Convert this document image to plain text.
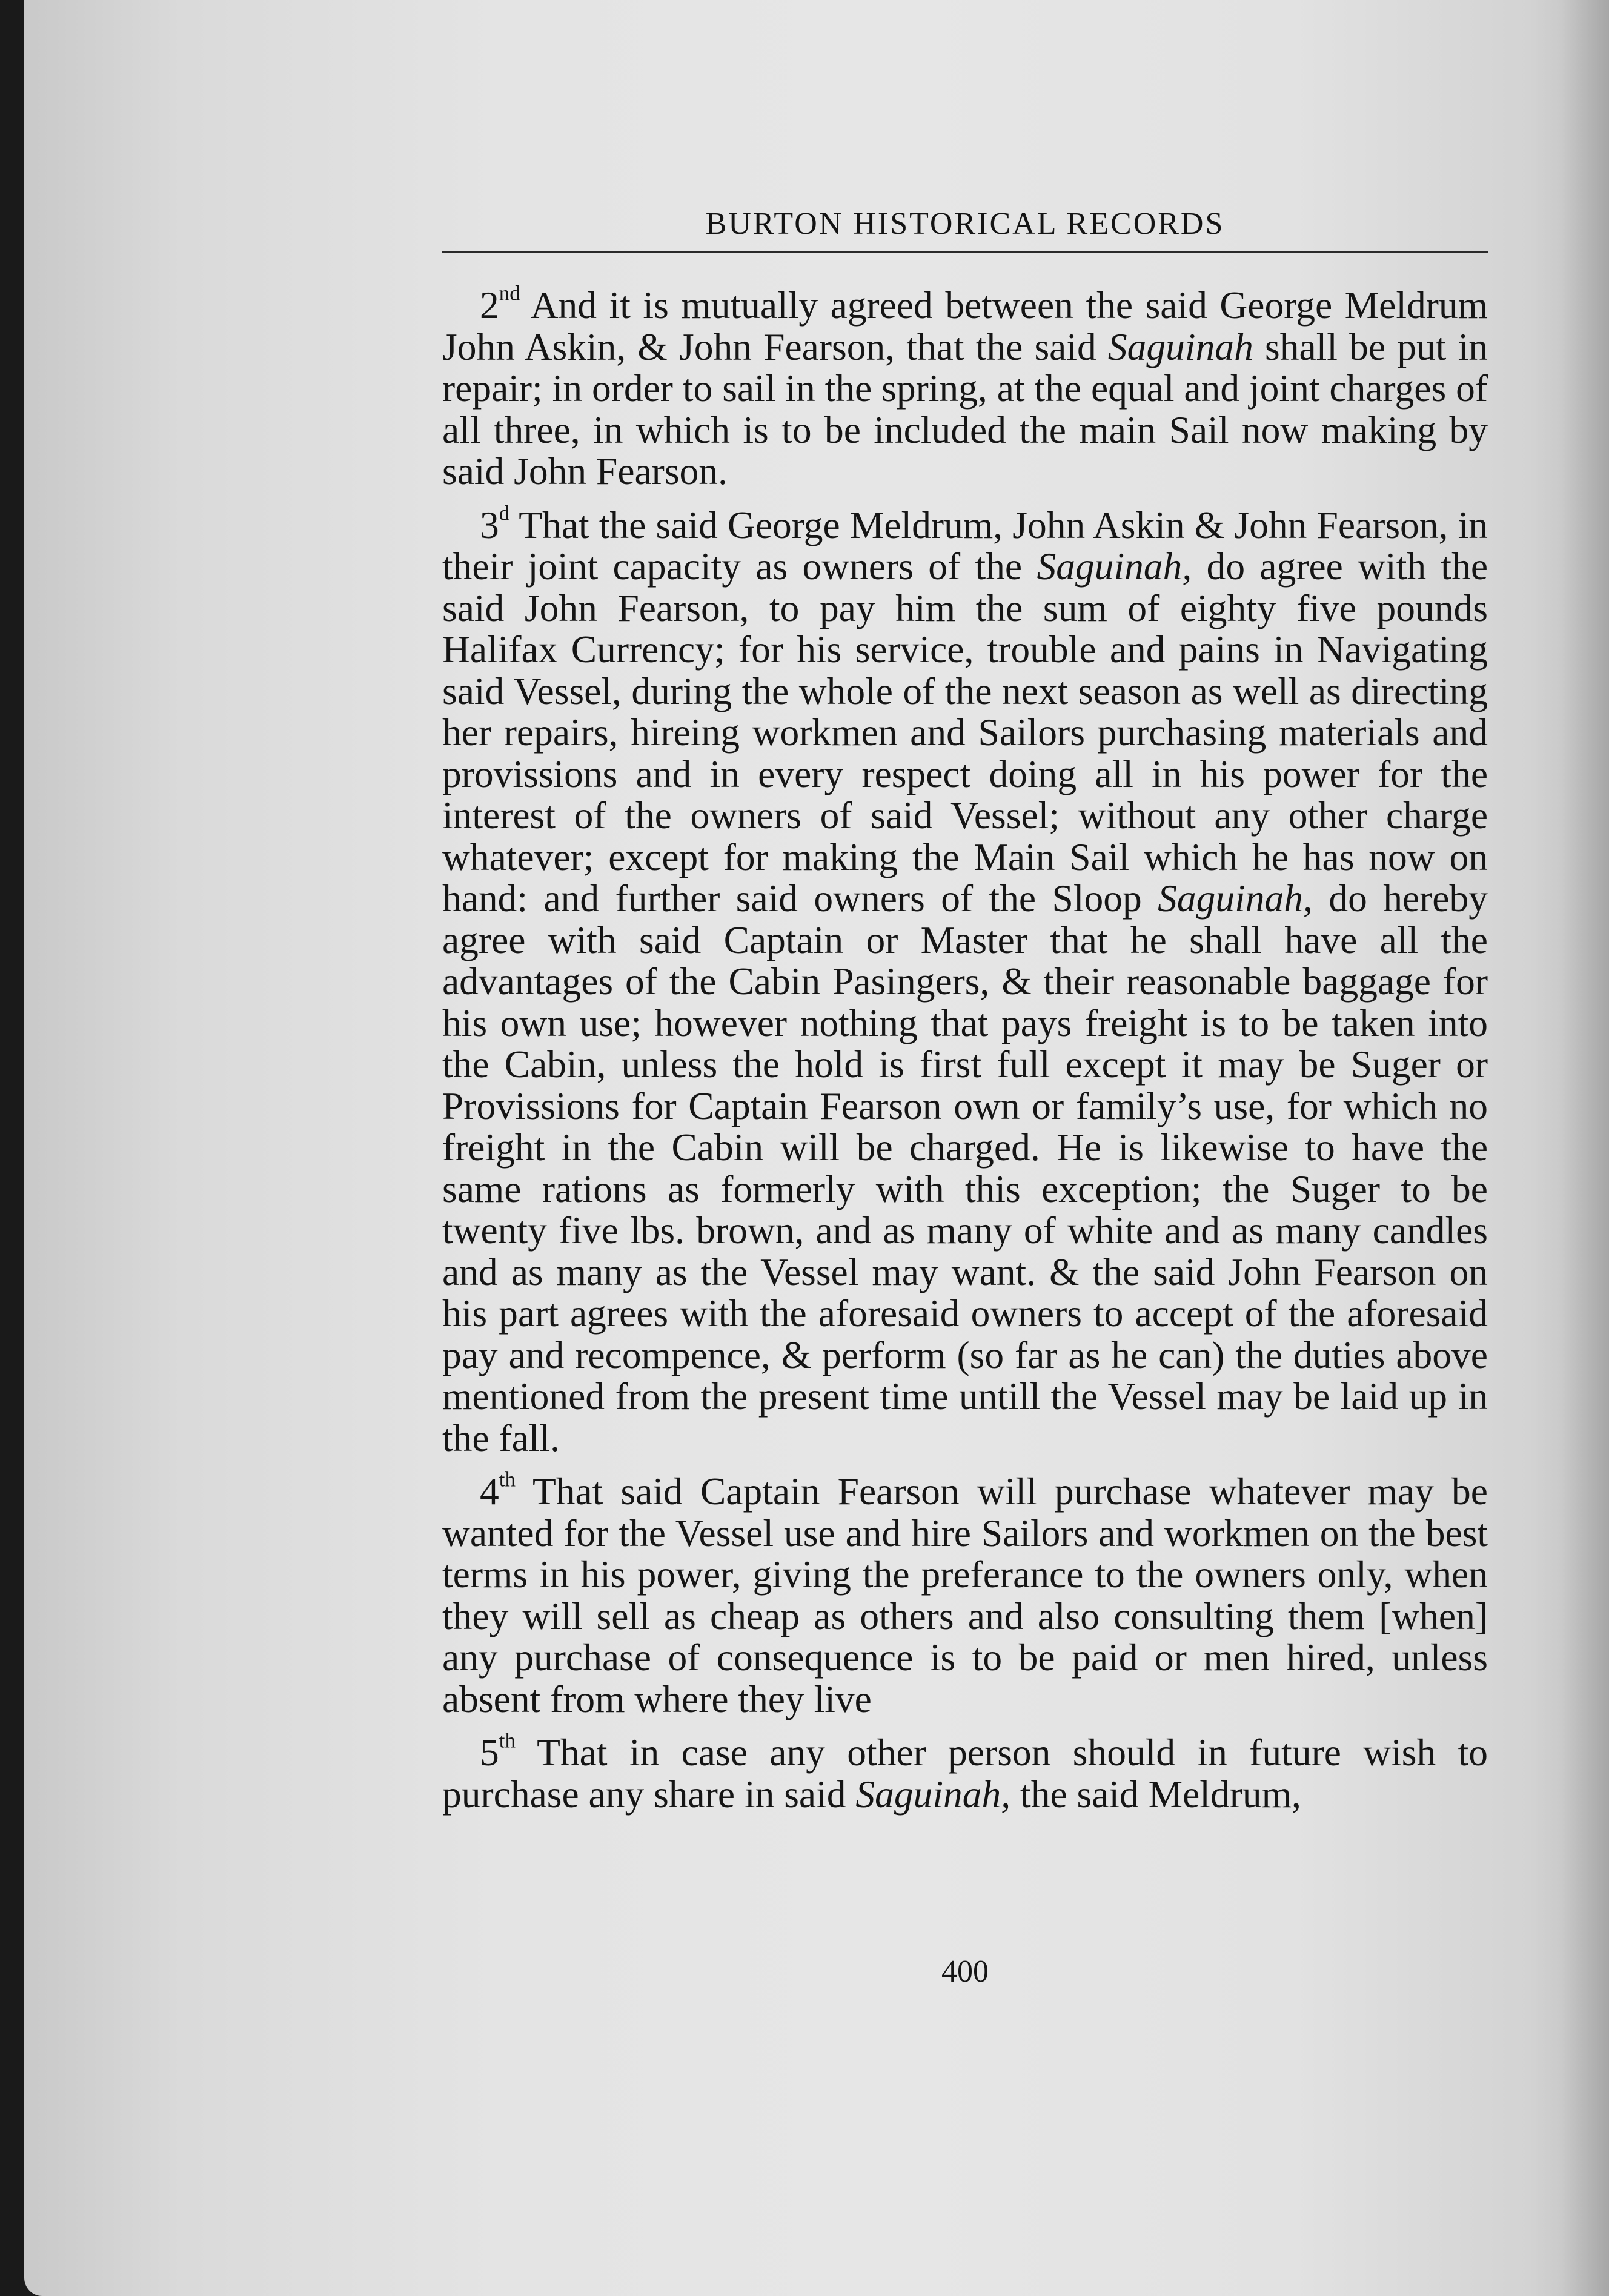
BURTON HISTORICAL RECORDS

2nd And it is mutually agreed between the said George Meldrum John Askin, & John Fearson, that the said Saguinah shall be put in repair; in order to sail in the spring, at the equal and joint charges of all three, in which is to be included the main Sail now making by said John Fearson.

3$^d$ That the said George Meldrum, John Askin & John Fearson, in their joint capacity as owners of the Saguinah, do agree with the said John Fearson, to pay him the sum of eighty five pounds Halifax Currency; for his service, trouble and pains in Navigating said Vessel, during the whole of the next season as well as directing her repairs, hireing workmen and Sailors purchasing materials and provissions and in every respect doing all in his power for the interest of the owners of said Vessel; without any other charge whatever; except for making the Main Sail which he has now on hand: and further said owners of the Sloop Saguinah, do hereby agree with said Captain or Master that he shall have all the advantages of the Cabin Pasingers, & their reasonable baggage for his own use; however nothing that pays freight is to be taken into the Cabin, unless the hold is first full except it may be Suger or Provissions for Captain Fearson own or family’s use, for which no freight in the Cabin will be charged. He is likewise to have the same rations as formerly with this exception; the Suger to be twenty five lbs. brown, and as many of white and as many candles and as many as the Vessel may want. & the said John Fearson on his part agrees with the aforesaid owners to accept of the aforesaid pay and recompence, & perform (so far as he can) the duties above mentioned from the present time untill the Vessel may be laid up in the fall.

4th That said Captain Fearson will purchase whatever may be wanted for the Vessel use and hire Sailors and workmen on the best terms in his power, giving the preferance to the owners only, when they will sell as cheap as others and also consulting them [when] any purchase of consequence is to be paid or men hired, unless absent from where they live

5th That in case any other person should in future wish to purchase any share in said Saguinah, the said Meldrum,

400
